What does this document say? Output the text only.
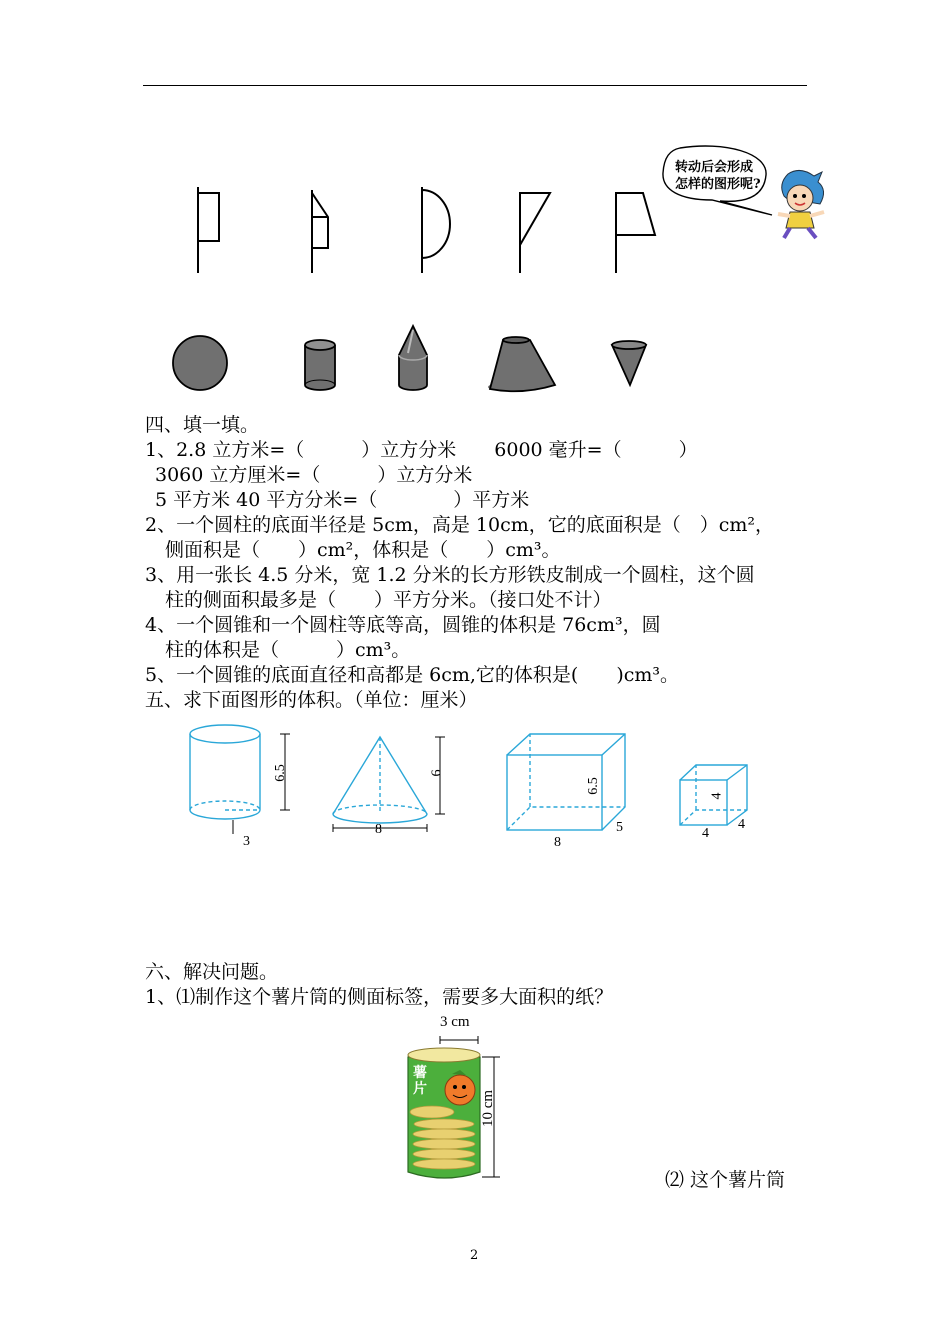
转动后会形成
怎样的图形呢?
四、填一填。
1、2.8 立方米=（　　　）立方分米　　6000 毫升=（　　　）
3060 立方厘米=（　　　）立方分米
5 平方米 40 平方分米=（　　　　）平方米
2、一个圆柱的底面半径是 5cm，高是 10cm，它的底面积是（　）cm²，
侧面积是（　　）cm²，体积是（　　）cm³。
3、用一张长 4.5 分米，宽 1.2 分米的长方形铁皮制成一个圆柱，这个圆
柱的侧面积最多是（　　）平方分米。（接口处不计）
4、一个圆锥和一个圆柱等底等高，圆锥的体积是 76cm³，圆
柱的体积是（　　　）cm³。
5、一个圆锥的底面直径和高都是 6cm,它的体积是(　　)cm³。
五、求下面图形的体积。（单位：厘米）
6.5
3
6
8
6.5
8
5
4
4
4
六、解决问题。
1、⑴制作这个薯片筒的侧面标签，需要多大面积的纸？
薯片
3 cm
10 cm
⑵ 这个薯片筒
2
